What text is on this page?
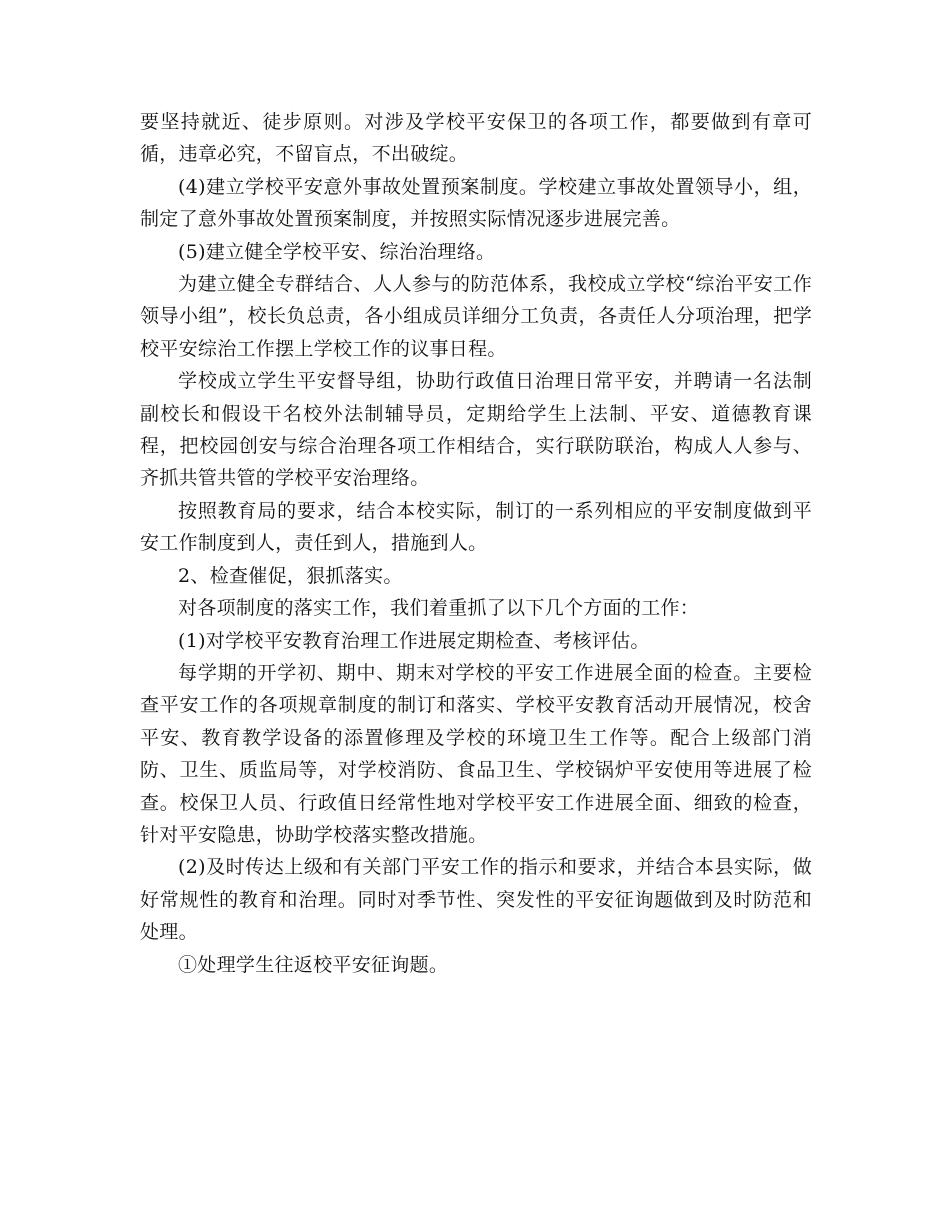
要坚持就近、徒步原则。对涉及学校平安保卫的各项工作，都要做到有章可循，违章必究，不留盲点，不出破绽。

(4)建立学校平安意外事故处置预案制度。学校建立事故处置领导小，组，制定了意外事故处置预案制度，并按照实际情况逐步进展完善。

(5)建立健全学校平安、综治治理络。

为建立健全专群结合、人人参与的防范体系，我校成立学校“综治平安工作领导小组”，校长负总责，各小组成员详细分工负责，各责任人分项治理，把学校平安综治工作摆上学校工作的议事日程。

学校成立学生平安督导组，协助行政值日治理日常平安，并聘请一名法制副校长和假设干名校外法制辅导员，定期给学生上法制、平安、道德教育课程，把校园创安与综合治理各项工作相结合，实行联防联治，构成人人参与、齐抓共管共管的学校平安治理络。

按照教育局的要求，结合本校实际，制订的一系列相应的平安制度做到平安工作制度到人，责任到人，措施到人。

2、检查催促，狠抓落实。

对各项制度的落实工作，我们着重抓了以下几个方面的工作：

(1)对学校平安教育治理工作进展定期检查、考核评估。

每学期的开学初、期中、期末对学校的平安工作进展全面的检查。主要检查平安工作的各项规章制度的制订和落实、学校平安教育活动开展情况，校舍平安、教育教学设备的添置修理及学校的环境卫生工作等。配合上级部门消防、卫生、质监局等，对学校消防、食品卫生、学校锅炉平安使用等进展了检查。校保卫人员、行政值日经常性地对学校平安工作进展全面、细致的检查，针对平安隐患，协助学校落实整改措施。

(2)及时传达上级和有关部门平安工作的指示和要求，并结合本县实际，做好常规性的教育和治理。同时对季节性、突发性的平安征询题做到及时防范和处理。

①处理学生往返校平安征询题。
